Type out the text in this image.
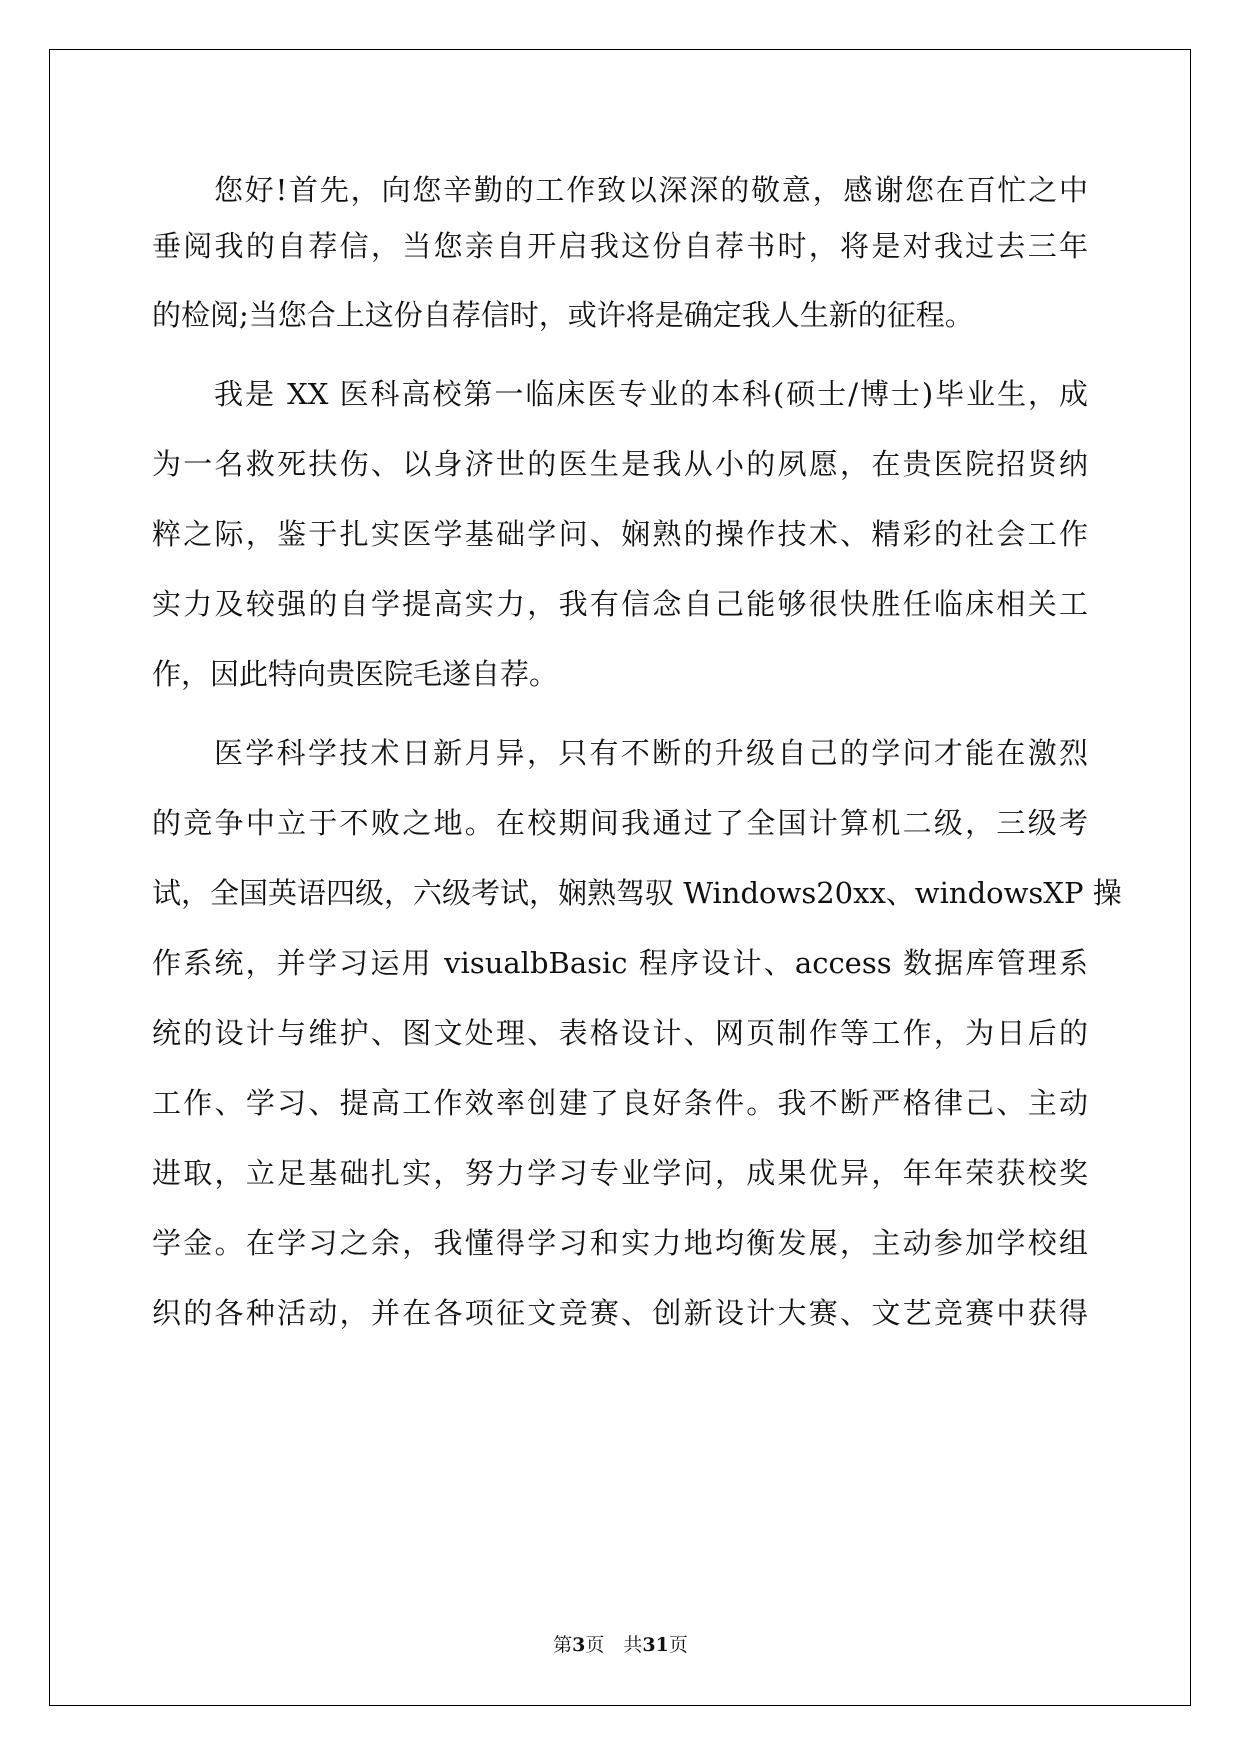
您好!首先，向您辛勤的工作致以深深的敬意，感谢您在百忙之中
垂阅我的自荐信，当您亲自开启我这份自荐书时，将是对我过去三年
的检阅;当您合上这份自荐信时，或许将是确定我人生新的征程。
我是 XX 医科高校第一临床医专业的本科(硕士/博士)毕业生，成
为一名救死扶伤、以身济世的医生是我从小的夙愿，在贵医院招贤纳
粹之际，鉴于扎实医学基础学问、娴熟的操作技术、精彩的社会工作
实力及较强的自学提高实力，我有信念自己能够很快胜任临床相关工
作，因此特向贵医院毛遂自荐。
医学科学技术日新月异，只有不断的升级自己的学问才能在激烈
的竞争中立于不败之地。在校期间我通过了全国计算机二级，三级考
试，全国英语四级，六级考试，娴熟驾驭 Windows20xx、windowsXP 操
作系统，并学习运用 visualbBasic 程序设计、access 数据库管理系
统的设计与维护、图文处理、表格设计、网页制作等工作，为日后的
工作、学习、提高工作效率创建了良好条件。我不断严格律己、主动
进取，立足基础扎实，努力学习专业学问，成果优异，年年荣获校奖
学金。在学习之余，我懂得学习和实力地均衡发展，主动参加学校组
织的各种活动，并在各项征文竞赛、创新设计大赛、文艺竞赛中获得
第3页　共31页
